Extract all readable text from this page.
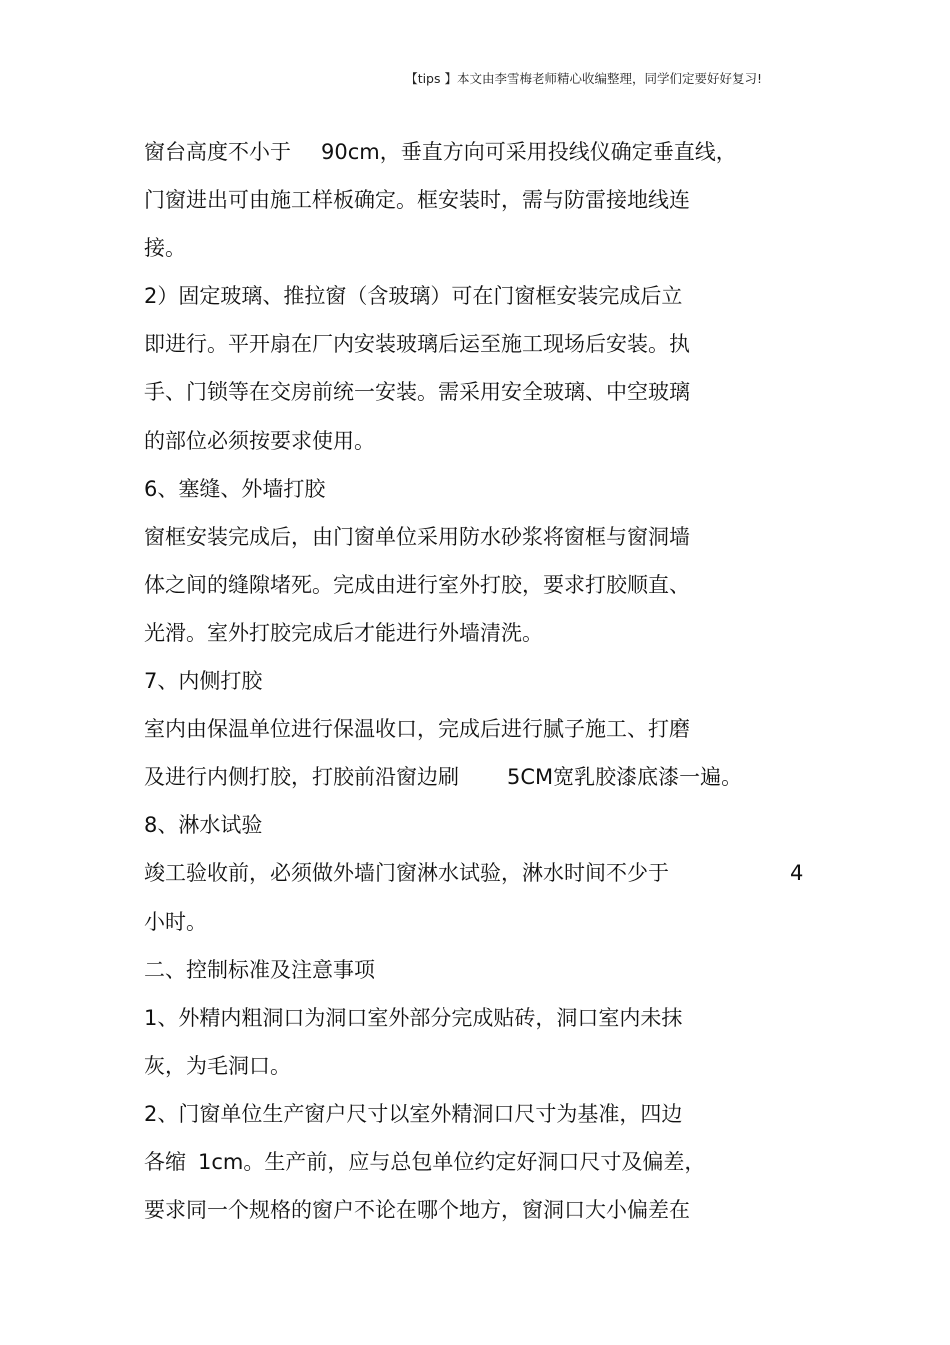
【tips 】本文由李雪梅老师精心收编整理，同学们定要好好复习!
窗台高度不小于 90cm，垂直方向可采用投线仪确定垂直线，
门窗进出可由施工样板确定。框安装时，需与防雷接地线连
接。
2）固定玻璃、推拉窗（含玻璃）可在门窗框安装完成后立
即进行。平开扇在厂内安装玻璃后运至施工现场后安装。执
手、门锁等在交房前统一安装。需采用安全玻璃、中空玻璃
的部位必须按要求使用。
6、塞缝、外墙打胶
窗框安装完成后，由门窗单位采用防水砂浆将窗框与窗洞墙
体之间的缝隙堵死。完成由进行室外打胶，要求打胶顺直、
光滑。室外打胶完成后才能进行外墙清洗。
7、内侧打胶
室内由保温单位进行保温收口，完成后进行腻子施工、打磨
及进行内侧打胶，打胶前沿窗边刷 5CM宽乳胶漆底漆一遍。
8、淋水试验
竣工验收前，必须做外墙门窗淋水试验，淋水时间不少于	4
小时。
二、控制标准及注意事项
1、外精内粗洞口为洞口室外部分完成贴砖，洞口室内未抹
灰，为毛洞口。
2、门窗单位生产窗户尺寸以室外精洞口尺寸为基准，四边
各缩 1cm。生产前，应与总包单位约定好洞口尺寸及偏差，
要求同一个规格的窗户不论在哪个地方，窗洞口大小偏差在
